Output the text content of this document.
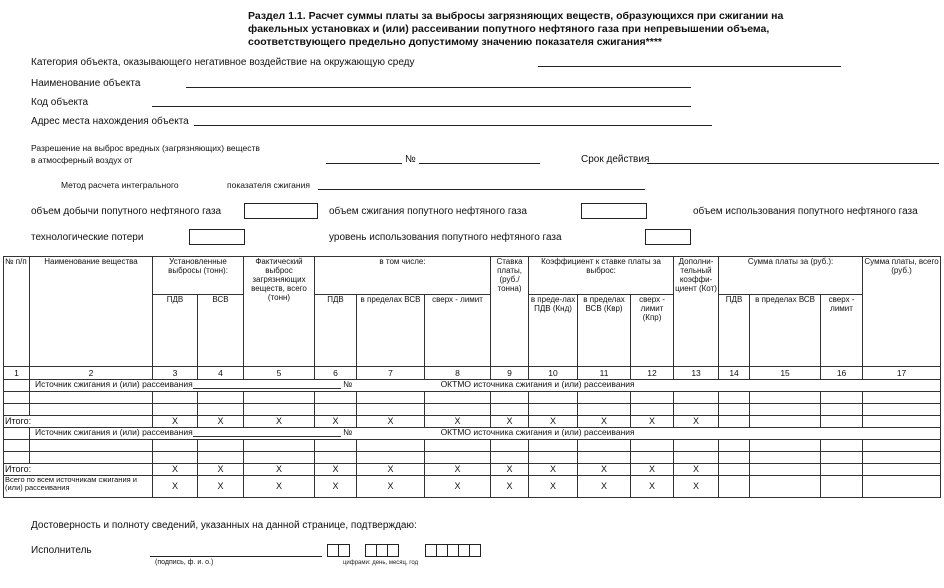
Раздел 1.1. Расчет суммы платы за выбросы загрязняющих веществ, образующихся при сжигании на факельных установках и (или) рассеивании попутного нефтяного газа при непревышении объема, соответствующего предельно допустимому значению показателя сжигания****
Категория объекта, оказывающего негативное воздействие на окружающую среду
Наименование объекта
Код объекта
Адрес места нахождения объекта
Разрешение на выброс вредных (загрязняющих) веществ
в атмосферный воздух от	№	Срок действия
Метод расчета интегрального	показателя сжигания
объем добычи попутного нефтяного газа	объем сжигания попутного нефтяного газа	объем использования попутного нефтяного газа
технологические потери	уровень использования попутного нефтяного газа
№ п/п	Наименование вещества	Установленные выбросы (тонн):		Фактический выброс загрязняющих веществ, всего (тонн)	в том числе:			Ставка платы, (руб./ тонна)	Коэффициент к ставке платы за выброс:			Дополни-тельный коэффи-циент (Кот)	Сумма платы за (руб.):			Сумма платы, всего (руб.)
		ПДВ	ВСВ		ПДВ	в пределах ВСВ	сверх - лимит		в преде-лах ПДВ (Кнд)	в пределах ВСВ (Квр)	сверх - лимит (Кпр)		ПДВ	в пределах ВСВ	сверх - лимит	
1	2	3	4	5	6	7	8	9	10	11	12	13	14	15	16	17
	Источник сжигания и (или) рассеивания № ОКТМО источника сжигания и (или) рассеивания															

Итого:		X	X	X	X	X	X	X	X	X	X	X				
	Источник сжигания и (или) рассеивания № ОКТМО источника сжигания и (или) рассеивания															

Итого:		X	X	X	X	X	X	X	X	X	X	X				
Всего по всем источникам сжигания и (или) рассеивания		X	X	X	X	X	X	X	X	X	X	X				
Достоверность и полноту сведений, указанных на данной странице, подтверждаю:
Исполнитель
(подпись, ф. и. о.)	цифрами: день, месяц, год
